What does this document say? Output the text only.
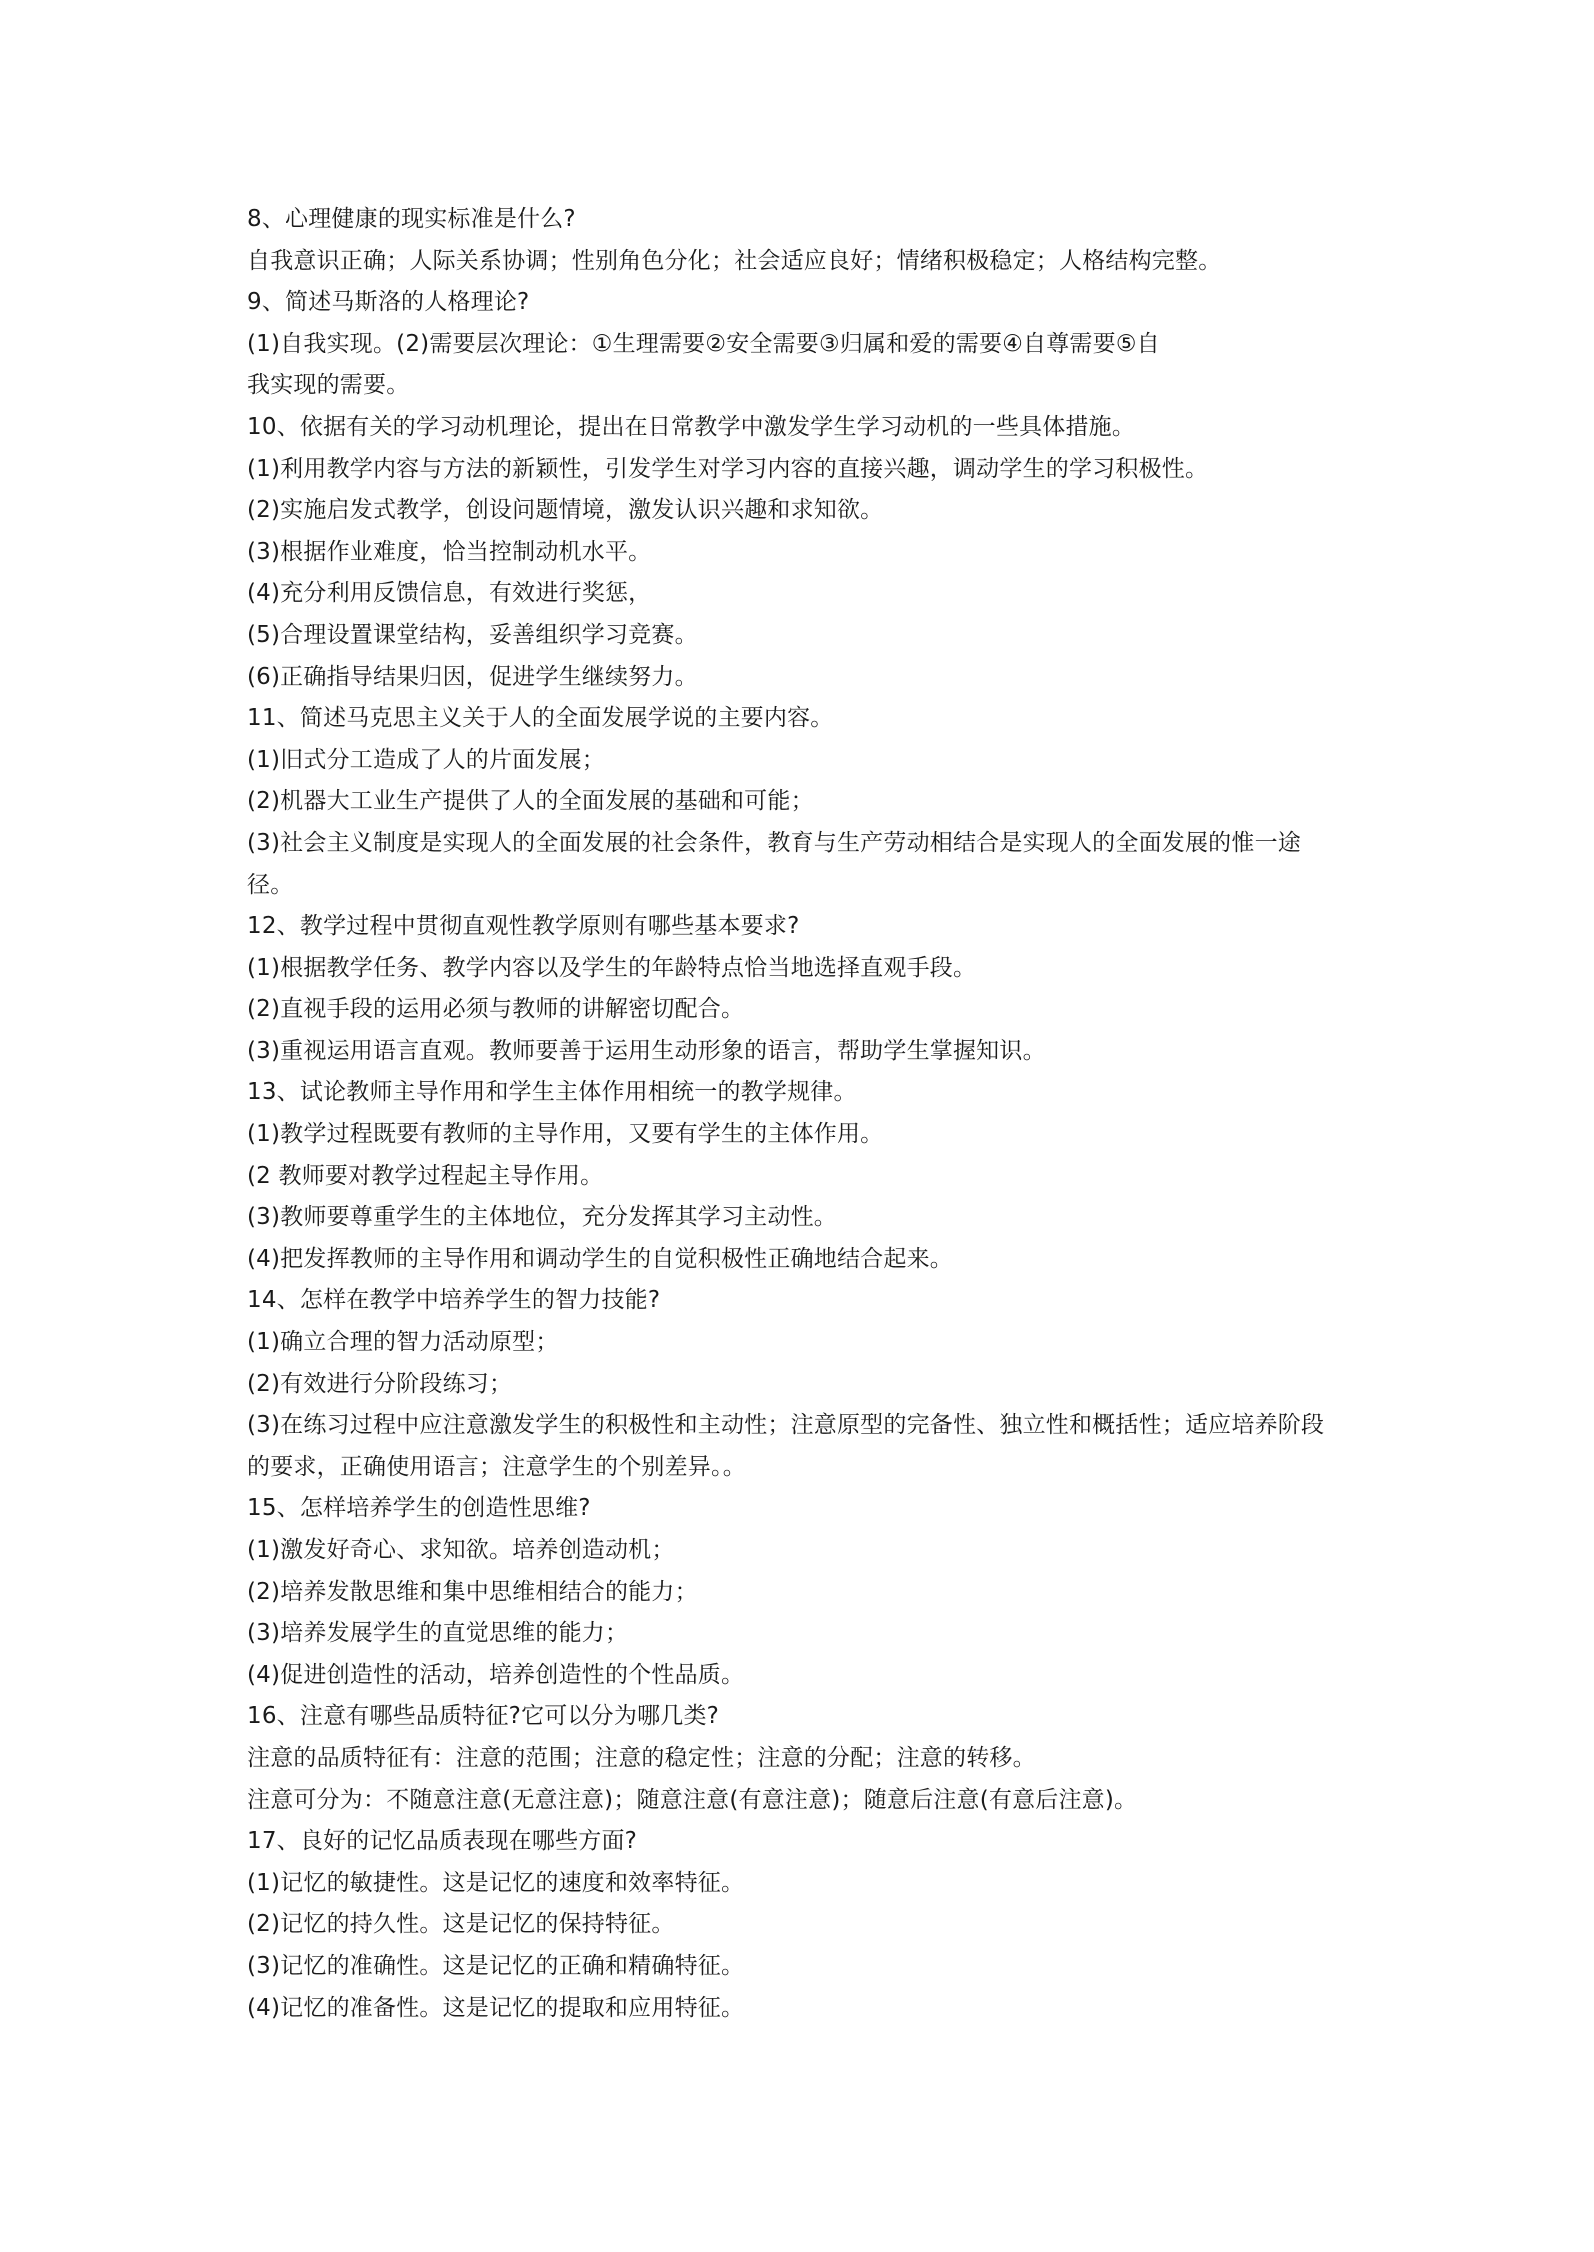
8、心理健康的现实标准是什么?
自我意识正确；人际关系协调；性别角色分化；社会适应良好；情绪积极稳定；人格结构完整。
9、简述马斯洛的人格理论?
(1)自我实现。(2)需要层次理论：①生理需要②安全需要③归属和爱的需要④自尊需要⑤自
我实现的需要。
10、依据有关的学习动机理论，提出在日常教学中激发学生学习动机的一些具体措施。
(1)利用教学内容与方法的新颖性，引发学生对学习内容的直接兴趣，调动学生的学习积极性。
(2)实施启发式教学，创设问题情境，激发认识兴趣和求知欲。
(3)根据作业难度，恰当控制动机水平。
(4)充分利用反馈信息，有效进行奖惩，
(5)合理设置课堂结构，妥善组织学习竞赛。
(6)正确指导结果归因，促进学生继续努力。
11、简述马克思主义关于人的全面发展学说的主要内容。
(1)旧式分工造成了人的片面发展；
(2)机器大工业生产提供了人的全面发展的基础和可能；
(3)社会主义制度是实现人的全面发展的社会条件，教育与生产劳动相结合是实现人的全面发展的惟一途
径。
12、教学过程中贯彻直观性教学原则有哪些基本要求?
(1)根据教学任务、教学内容以及学生的年龄特点恰当地选择直观手段。
(2)直视手段的运用必须与教师的讲解密切配合。
(3)重视运用语言直观。教师要善于运用生动形象的语言，帮助学生掌握知识。
13、试论教师主导作用和学生主体作用相统一的教学规律。
(1)教学过程既要有教师的主导作用，又要有学生的主体作用。
(2 教师要对教学过程起主导作用。
(3)教师要尊重学生的主体地位，充分发挥其学习主动性。
(4)把发挥教师的主导作用和调动学生的自觉积极性正确地结合起来。
14、怎样在教学中培养学生的智力技能?
(1)确立合理的智力活动原型；
(2)有效进行分阶段练习；
(3)在练习过程中应注意激发学生的积极性和主动性；注意原型的完备性、独立性和概括性；适应培养阶段
的要求，正确使用语言；注意学生的个别差异。。
15、怎样培养学生的创造性思维?
(1)激发好奇心、求知欲。培养创造动机；
(2)培养发散思维和集中思维相结合的能力；
(3)培养发展学生的直觉思维的能力；
(4)促进创造性的活动，培养创造性的个性品质。
16、注意有哪些品质特征?它可以分为哪几类?
注意的品质特征有：注意的范围；注意的稳定性；注意的分配；注意的转移。
注意可分为：不随意注意(无意注意)；随意注意(有意注意)；随意后注意(有意后注意)。
17、良好的记忆品质表现在哪些方面?
(1)记忆的敏捷性。这是记忆的速度和效率特征。
(2)记忆的持久性。这是记忆的保持特征。
(3)记忆的准确性。这是记忆的正确和精确特征。
(4)记忆的准备性。这是记忆的提取和应用特征。
